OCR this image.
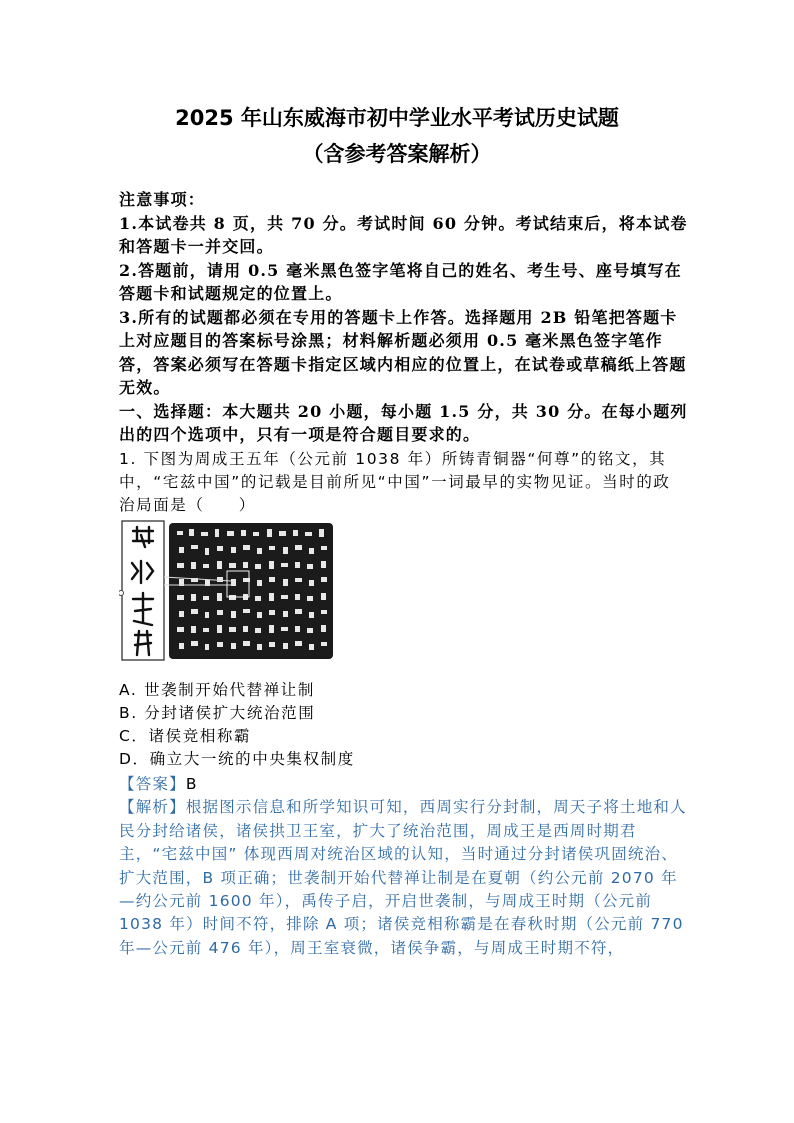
2025 年山东威海市初中学业水平考试历史试题
（含参考答案解析）

注意事项：

1.本试卷共 8 页，共 70 分。考试时间 60 分钟。考试结束后，将本试卷和答题卡一并交回。

2.答题前，请用 0.5 毫米黑色签字笔将自己的姓名、考生号、座号填写在答题卡和试题规定的位置上。

3.所有的试题都必须在专用的答题卡上作答。选择题用 2B 铅笔把答题卡上对应题目的答案标号涂黑；材料解析题必须用 0.5 毫米黑色签字笔作答，答案必须写在答题卡指定区域内相应的位置上，在试卷或草稿纸上答题无效。

一、选择题：本大题共 20 小题，每小题 1.5 分，共 30 分。在每小题列出的四个选项中，只有一项是符合题目要求的。

1. 下图为周成王五年（公元前 1038 年）所铸青铜器“何尊”的铭文，其中，“宅兹中国”的记载是目前所见“中国”一词最早的实物见证。当时的政治局面是（　　）

A. 世袭制开始代替禅让制

B. 分封诸侯扩大统治范围

C．诸侯竞相称霸

D．确立大一统的中央集权制度

【答案】B

【解析】根据图示信息和所学知识可知，西周实行分封制，周天子将土地和人民分封给诸侯，诸侯拱卫王室，扩大了统治范围，周成王是西周时期君主，“宅兹中国” 体现西周对统治区域的认知，当时通过分封诸侯巩固统治、扩大范围，B 项正确；世袭制开始代替禅让制是在夏朝（约公元前 2070 年—约公元前 1600 年），禹传子启，开启世袭制，与周成王时期（公元前 1038 年）时间不符，排除 A 项；诸侯竞相称霸是在春秋时期（公元前 770 年—公元前 476 年），周王室衰微，诸侯争霸，与周成王时期不符，
